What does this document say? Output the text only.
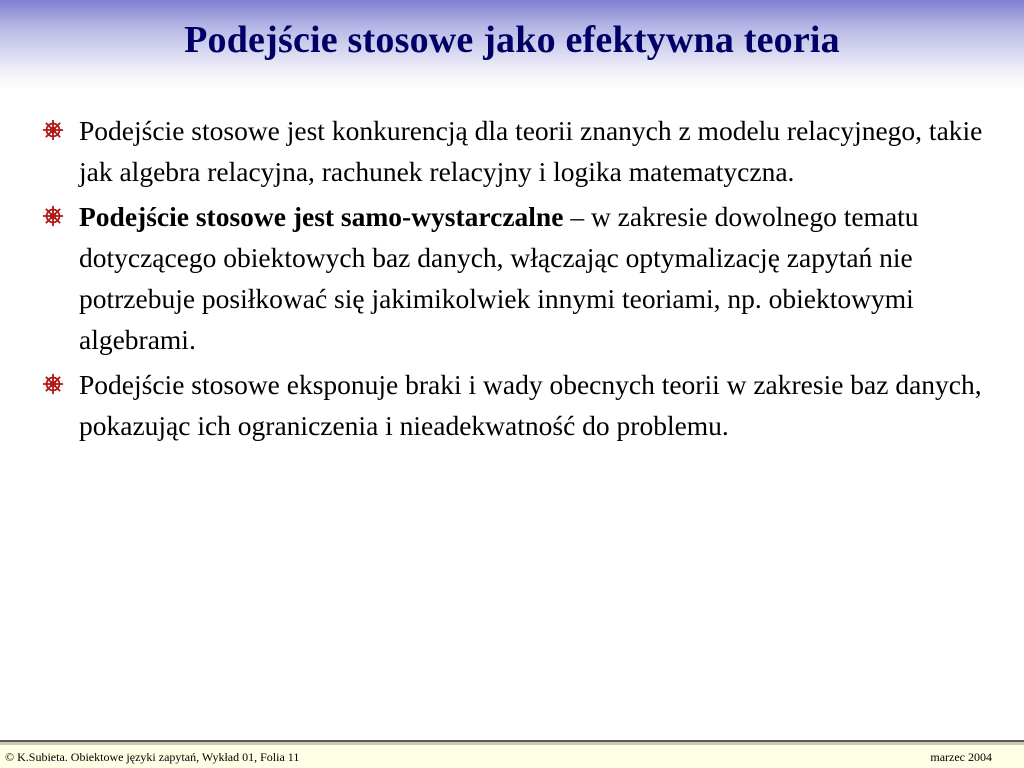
Podejście stosowe jako efektywna teoria
Podejście stosowe jest konkurencją dla teorii znanych z modelu relacyjnego, takie jak algebra relacyjna, rachunek relacyjny i logika matematyczna.
Podejście stosowe jest samo-wystarczalne – w zakresie dowolnego tematu dotyczącego obiektowych baz danych, włączając optymalizację zapytań nie potrzebuje posiłkować się jakimikolwiek innymi teoriami, np. obiektowymi algebrami.
Podejście stosowe eksponuje braki i wady obecnych teorii w zakresie baz danych, pokazując ich ograniczenia i nieadekwatność do problemu.
© K.Subieta. Obiektowe języki zapytań, Wykład 01, Folia 11	marzec 2004
